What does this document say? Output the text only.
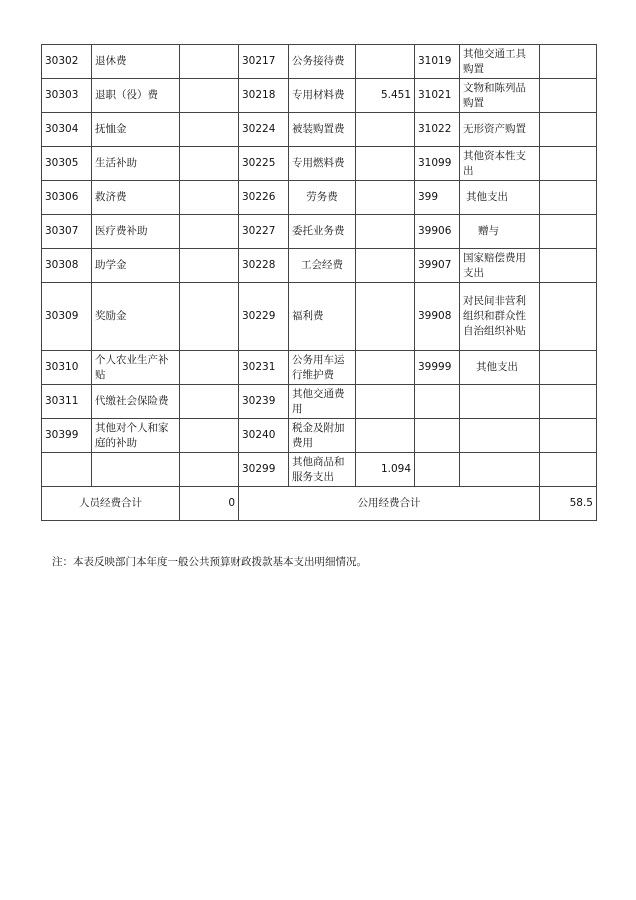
30302	退休费		30217	公务接待费		31019	其他交通工具购置	
30303	退职（役）费		30218	专用材料费	5.451	31021	文物和陈列品购置	
30304	抚恤金		30224	被装购置费		31022	无形资产购置	
30305	生活补助		30225	专用燃料费		31099	其他资本性支出	
30306	救济费		30226	劳务费		399	其他支出	
30307	医疗费补助		30227	委托业务费		39906	赠与	
30308	助学金		30228	工会经费		39907	国家赔偿费用支出	
30309	奖励金		30229	福利费		39908	对民间非营利组织和群众性自治组织补贴	
30310	个人农业生产补贴		30231	公务用车运行维护费		39999	其他支出	
30311	代缴社会保险费		30239	其他交通费用				
30399	其他对个人和家庭的补助		30240	税金及附加费用				
			30299	其他商品和服务支出	1.094			
人员经费合计		0	公用经费合计					58.5
注：本表反映部门本年度一般公共预算财政拨款基本支出明细情况。
